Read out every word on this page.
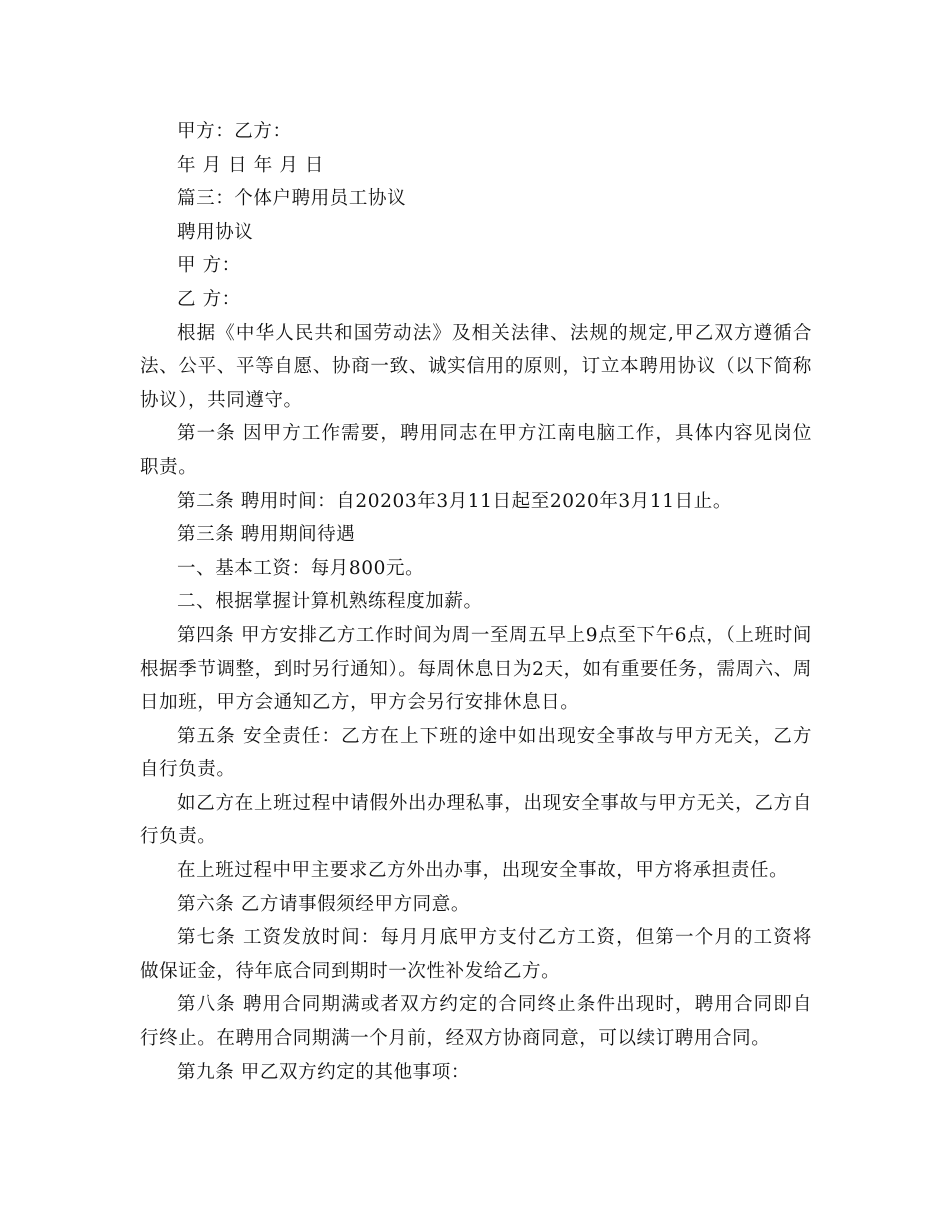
甲方：乙方：

年 月 日 年 月 日

篇三：个体户聘用员工协议

聘用协议

甲 方：

乙 方：

根据《中华人民共和国劳动法》及相关法律、法规的规定,甲乙双方遵循合法、公平、平等自愿、协商一致、诚实信用的原则，订立本聘用协议（以下简称协议），共同遵守。

第一条 因甲方工作需要，聘用同志在甲方江南电脑工作，具体内容见岗位职责。

第二条 聘用时间：自20203年3月11日起至2020年3月11日止。

第三条 聘用期间待遇

一、基本工资：每月800元。

二、根据掌握计算机熟练程度加薪。

第四条 甲方安排乙方工作时间为周一至周五早上9点至下午6点，（上班时间根据季节调整，到时另行通知）。每周休息日为2天，如有重要任务，需周六、周日加班，甲方会通知乙方，甲方会另行安排休息日。

第五条 安全责任：乙方在上下班的途中如出现安全事故与甲方无关，乙方自行负责。

如乙方在上班过程中请假外出办理私事，出现安全事故与甲方无关，乙方自行负责。

在上班过程中甲主要求乙方外出办事，出现安全事故，甲方将承担责任。

第六条 乙方请事假须经甲方同意。

第七条 工资发放时间：每月月底甲方支付乙方工资，但第一个月的工资将做保证金，待年底合同到期时一次性补发给乙方。

第八条 聘用合同期满或者双方约定的合同终止条件出现时，聘用合同即自行终止。在聘用合同期满一个月前，经双方协商同意，可以续订聘用合同。

第九条 甲乙双方约定的其他事项：
